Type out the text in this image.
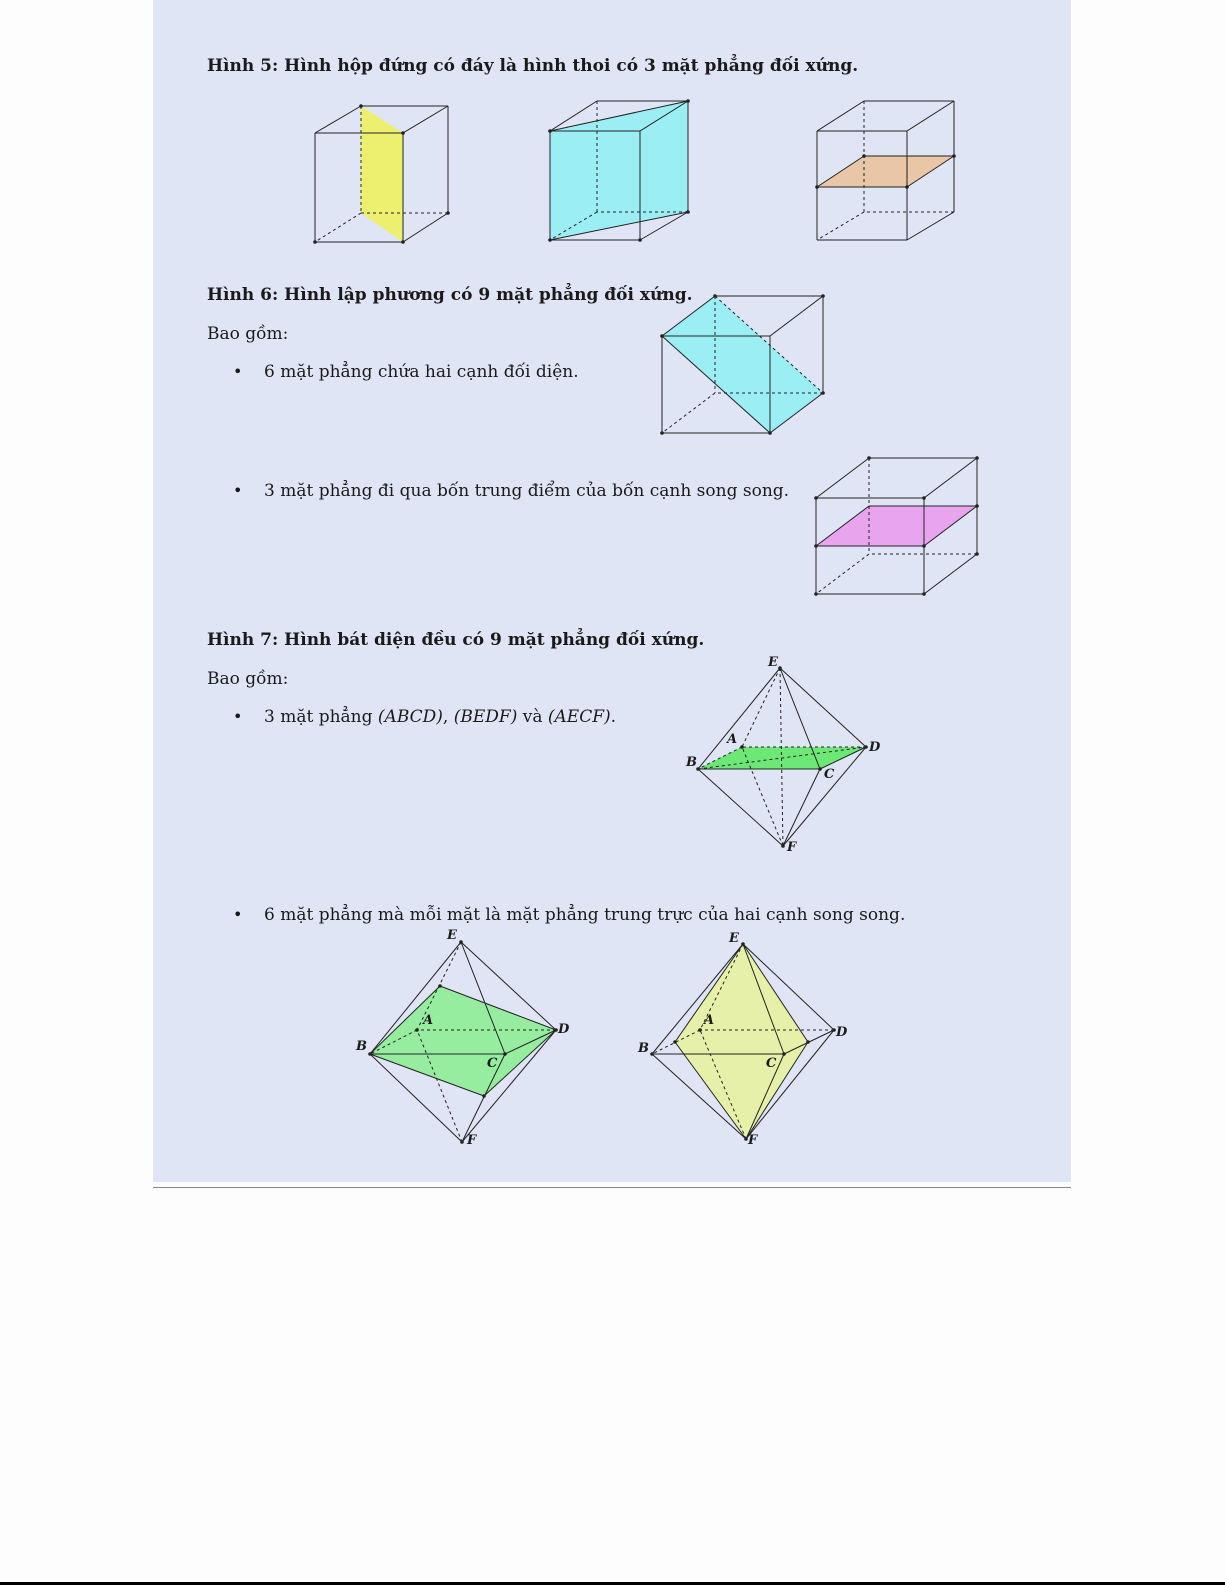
Hình 5: Hình hộp đứng có đáy là hình thoi có 3 mặt phẳng đối xứng.
Hình 6: Hình lập phương có 9 mặt phẳng đối xứng.
Bao gồm:
• 6 mặt phẳng chứa hai cạnh đối diện.
• 3 mặt phẳng đi qua bốn trung điểm của bốn cạnh song song.
Hình 7: Hình bát diện đều có 9 mặt phẳng đối xứng.
Bao gồm:
• 3 mặt phẳng (ABCD), (BEDF) và (AECF).
E
A
B
C
D
F
• 6 mặt phẳng mà mỗi mặt là mặt phẳng trung trực của hai cạnh song song.
E
A
B
C
D
F
E
A
B
C
D
F
